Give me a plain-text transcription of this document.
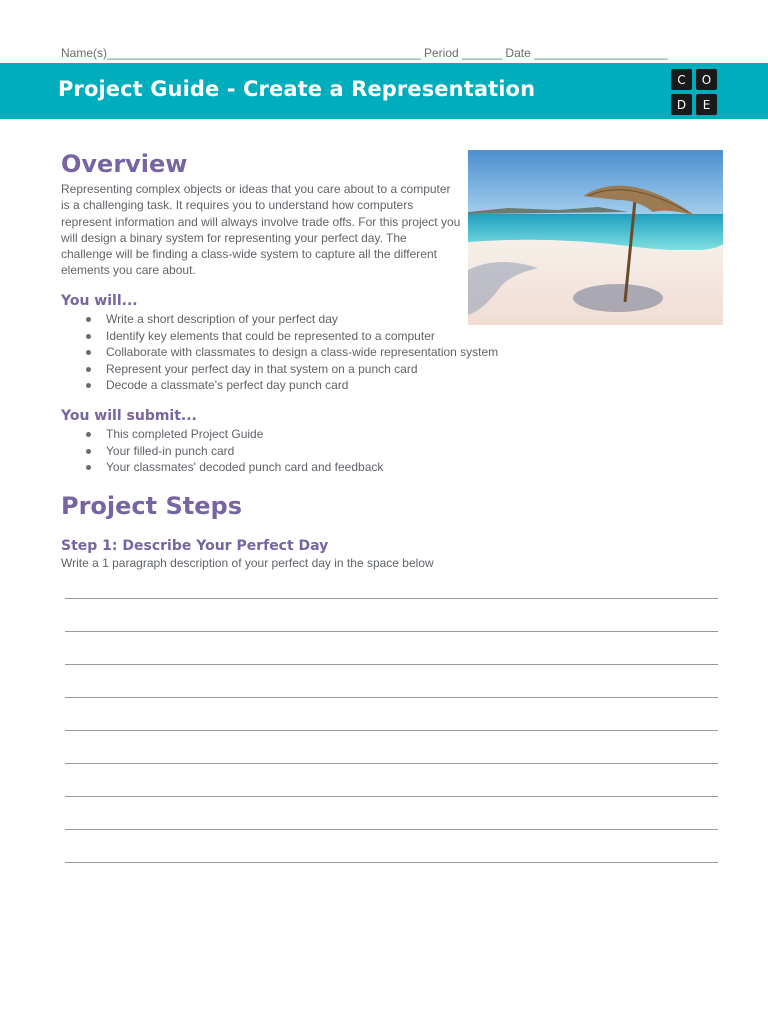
Name(s)_______________________________________________ Period ______ Date ____________________
Project Guide - Create a Representation	C	O
D	E
Overview
Representing complex objects or ideas that you care about to a computer is a challenging task. It requires you to understand how computers represent information and will always involve trade offs. For this project you will design a binary system for representing your perfect day. The challenge will be finding a class-wide system to capture all the different elements you care about.
You will...
Write a short description of your perfect day
Identify key elements that could be represented to a computer
Collaborate with classmates to design a class-wide representation system
Represent your perfect day in that system on a punch card
Decode a classmate's perfect day punch card
You will submit...
This completed Project Guide
Your filled-in punch card
Your classmates' decoded punch card and feedback
Project Steps
Step 1: Describe Your Perfect Day
Write a 1 paragraph description of your perfect day in the space below
